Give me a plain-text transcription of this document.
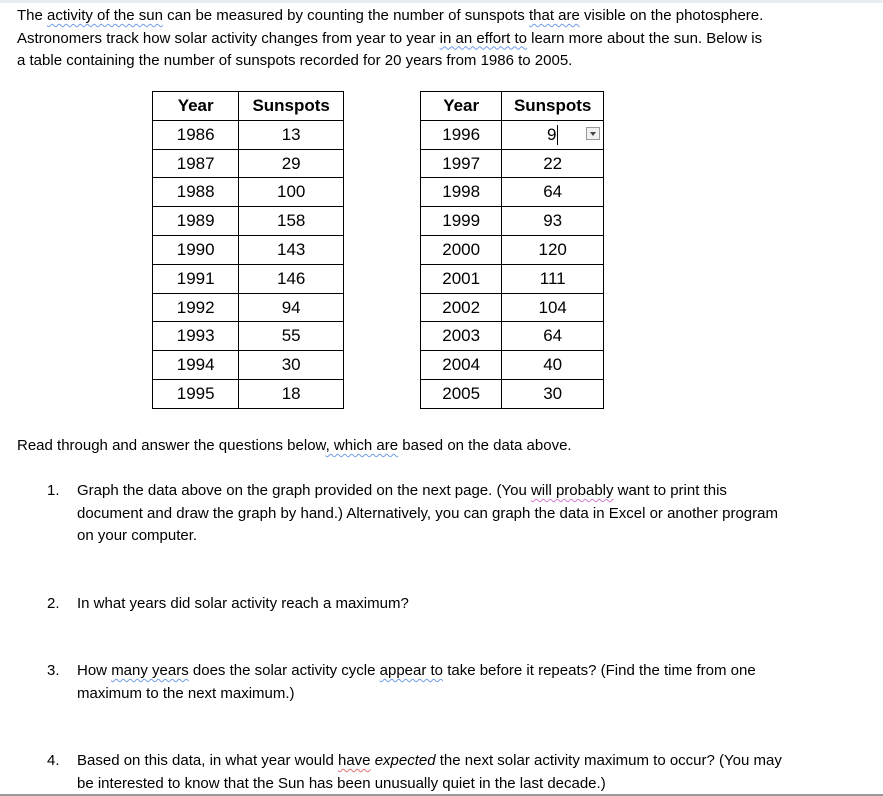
The activity of the sun can be measured by counting the number of sunspots that are visible on the photosphere.
Astronomers track how solar activity changes from year to year in an effort to learn more about the sun. Below is
a table containing the number of sunspots recorded for 20 years from 1986 to 2005.
Year	Sunspots
1986	13
1987	29
1988	100
1989	158
1990	143
1991	146
1992	94
1993	55
1994	30
1995	18
Year	Sunspots
1996	9

1997	22
1998	64
1999	93
2000	120
2001	111
2002	104
2003	64
2004	40
2005	30
Read through and answer the questions below, which are based on the data above.
1. Graph the data above on the graph provided on the next page. (You will probably want to print this
document and draw the graph by hand.) Alternatively, you can graph the data in Excel or another program
on your computer.
2. In what years did solar activity reach a maximum?
3. How many years does the solar activity cycle appear to take before it repeats? (Find the time from one
maximum to the next maximum.)
4. Based on this data, in what year would have expected the next solar activity maximum to occur? (You may
be interested to know that the Sun has been unusually quiet in the last decade.)
